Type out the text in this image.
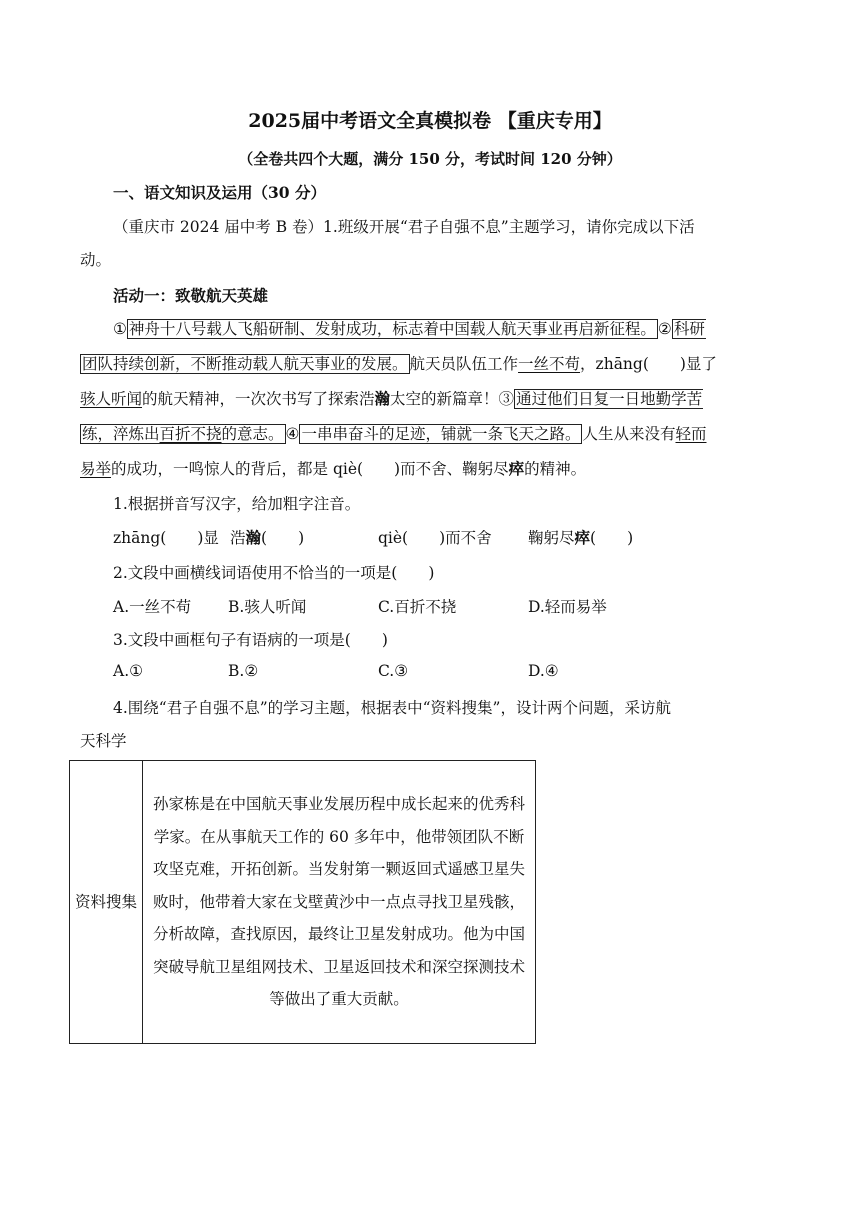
2025届中考语文全真模拟卷 【重庆专用】
（全卷共四个大题，满分 150 分，考试时间 120 分钟）
一、语文知识及运用（30 分）
（重庆市 2024 届中考 B 卷）1.班级开展“君子自强不息”主题学习，请你完成以下活
动。
活动一：致敬航天英雄
① 神舟十八号载人飞船研制、发射成功，标志着中国载人航天事业再启新征程。 ② 科研
团队持续创新，不断推动载人航天事业的发展。 航天员队伍工作一丝不苟，zhāng(　　)显了
骇人听闻的航天精神，一次次书写了探索浩瀚太空的新篇章！③ 通过他们日复一日地勤学苦
练，淬炼出百折不挠的意志。 ④ 一串串奋斗的足迹，铺就一条飞天之路。 人生从来没有轻而
易举的成功，一鸣惊人的背后，都是 qiè(　　)而不舍、鞠躬尽瘁的精神。
1.根据拼音写汉字，给加粗字注音。
zhāng(　　)显 浩瀚(　　)	qiè(　　)而不舍 鞠躬尽瘁(　　)
2.文段中画横线词语使用不恰当的一项是(　　)
A.一丝不苟 B.骇人听闻	C.百折不挠	D.轻而易举
3.文段中画框句子有语病的一项是(　　)
A.①	B.②	C.③	D.④
4.围绕“君子自强不息”的学习主题，根据表中“资料搜集”，设计两个问题，采访航
天科学
资料搜集	孙家栋是在中国航天事业发展历程中成长起来的优秀科学家。在从事航天工作的 60 多年中，他带领团队不断攻坚克难，开拓创新。当发射第一颗返回式遥感卫星失败时，他带着大家在戈壁黄沙中一点点寻找卫星残骸，分析故障，查找原因，最终让卫星发射成功。他为中国突破导航卫星组网技术、卫星返回技术和深空探测技术等做出了重大贡献。
